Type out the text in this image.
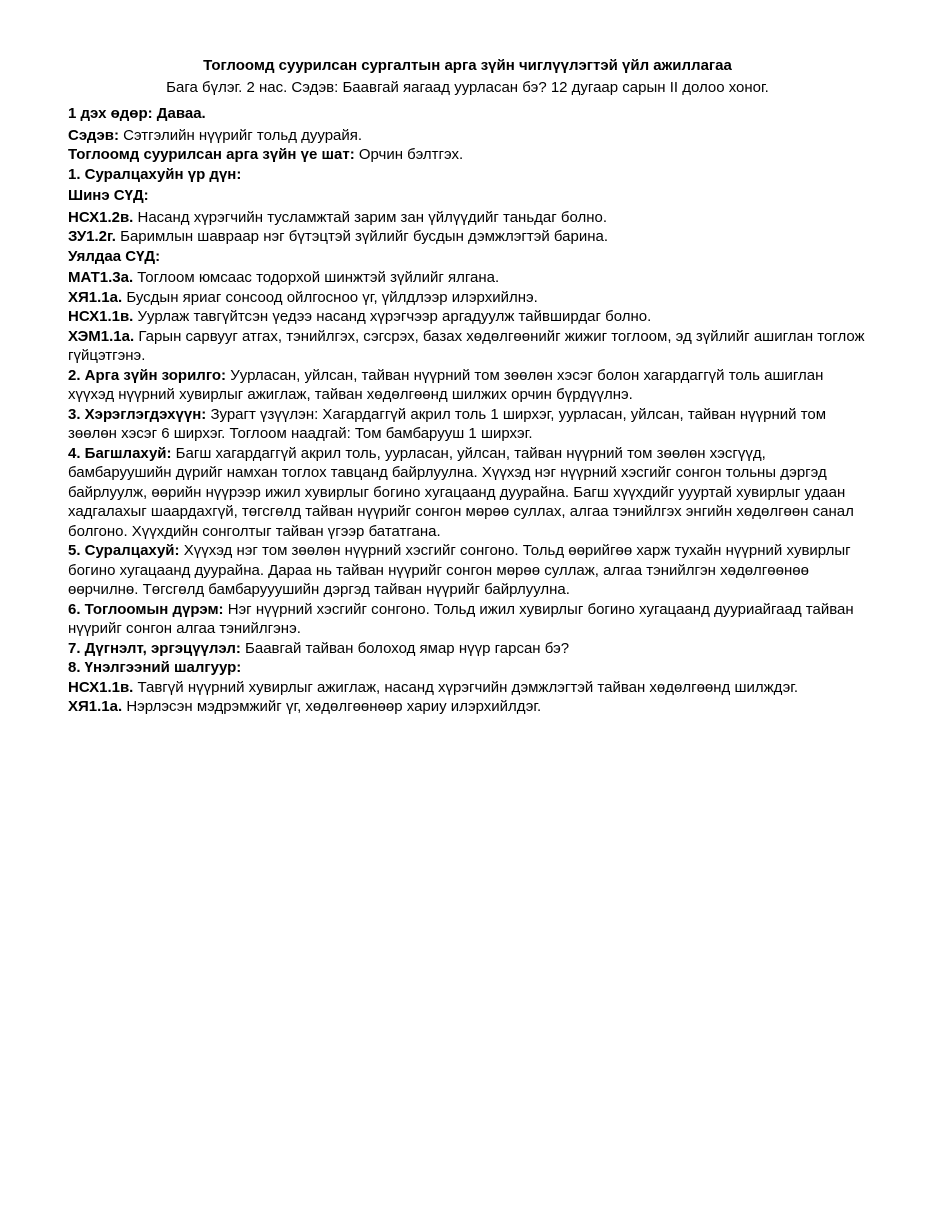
Тоглоомд суурилсан сургалтын арга зүйн чиглүүлэгтэй үйл ажиллагаа
Бага бүлэг. 2 нас. Сэдэв: Баавгай яагаад уурласан бэ? 12 дугаар сарын II долоо хоног.

1 дэх өдөр: Даваа.

Сэдэв: Сэтгэлийн нүүрийг тольд дуурайя.

Тоглоомд суурилсан арга зүйн үе шат: Орчин бэлтгэх.

1. Суралцахуйн үр дүн:

Шинэ СҮД:

НСХ1.2в. Насанд хүрэгчийн тусламжтай зарим зан үйлүүдийг таньдаг болно.

ЗУ1.2г. Баримлын шавраар нэг бүтэцтэй зүйлийг бусдын дэмжлэгтэй барина.

Уялдаа СҮД:

МАТ1.3а. Тоглоом юмсаас тодорхой шинжтэй зүйлийг ялгана.

ХЯ1.1а. Бусдын яриаг сонсоод ойлгосноо үг, үйлдлээр илэрхийлнэ.

НСХ1.1в. Уурлаж тавгүйтсэн үедээ насанд хүрэгчээр аргадуулж тайвширдаг болно.

ХЭМ1.1а. Гарын сарвууг атгах, тэнийлгэх, сэгсрэх, базах хөдөлгөөнийг жижиг тоглоом, эд зүйлийг ашиглан тоглож гүйцэтгэнэ.

2. Арга зүйн зорилго: Уурласан, уйлсан, тайван нүүрний том зөөлөн хэсэг болон хагардаггүй толь ашиглан хүүхэд нүүрний хувирлыг ажиглаж, тайван хөдөлгөөнд шилжих орчин бүрдүүлнэ.

3. Хэрэглэгдэхүүн: Зурагт үзүүлэн: Хагардаггүй акрил толь 1 ширхэг, уурласан, уйлсан, тайван нүүрний том зөөлөн хэсэг 6 ширхэг. Тоглоом наадгай: Том бамбарууш 1 ширхэг.

4. Багшлахуй: Багш хагардаггүй акрил толь, уурласан, уйлсан, тайван нүүрний том зөөлөн хэсгүүд, бамбаруушийн дүрийг намхан тоглох тавцанд байрлуулна. Хүүхэд нэг нүүрний хэсгийг сонгон тольны дэргэд байрлуулж, өөрийн нүүрээр ижил хувирлыг богино хугацаанд дуурайна. Багш хүүхдийг уууртай хувирлыг удаан хадгалахыг шаардахгүй, төгсгөлд тайван нүүрийг сонгон мөрөө суллах, алгаа тэнийлгэх энгийн хөдөлгөөн санал болгоно. Хүүхдийн сонголтыг тайван үгээр бататгана.

5. Суралцахуй: Хүүхэд нэг том зөөлөн нүүрний хэсгийг сонгоно. Тольд өөрийгөө харж тухайн нүүрний хувирлыг богино хугацаанд дуурайна. Дараа нь тайван нүүрийг сонгон мөрөө суллаж, алгаа тэнийлгэн хөдөлгөөнөө өөрчилнө. Төгсгөлд бамбарууушийн дэргэд тайван нүүрийг байрлуулна.

6. Тоглоомын дүрэм: Нэг нүүрний хэсгийг сонгоно. Тольд ижил хувирлыг богино хугацаанд дууриайгаад тайван нүүрийг сонгон алгаа тэнийлгэнэ.

7. Дүгнэлт, эргэцүүлэл: Баавгай тайван болоход ямар нүүр гарсан бэ?

8. Үнэлгээний шалгуур:

НСХ1.1в. Тавгүй нүүрний хувирлыг ажиглаж, насанд хүрэгчийн дэмжлэгтэй тайван хөдөлгөөнд шилждэг.

ХЯ1.1а. Нэрлэсэн мэдрэмжийг үг, хөдөлгөөнөөр хариу илэрхийлдэг.
